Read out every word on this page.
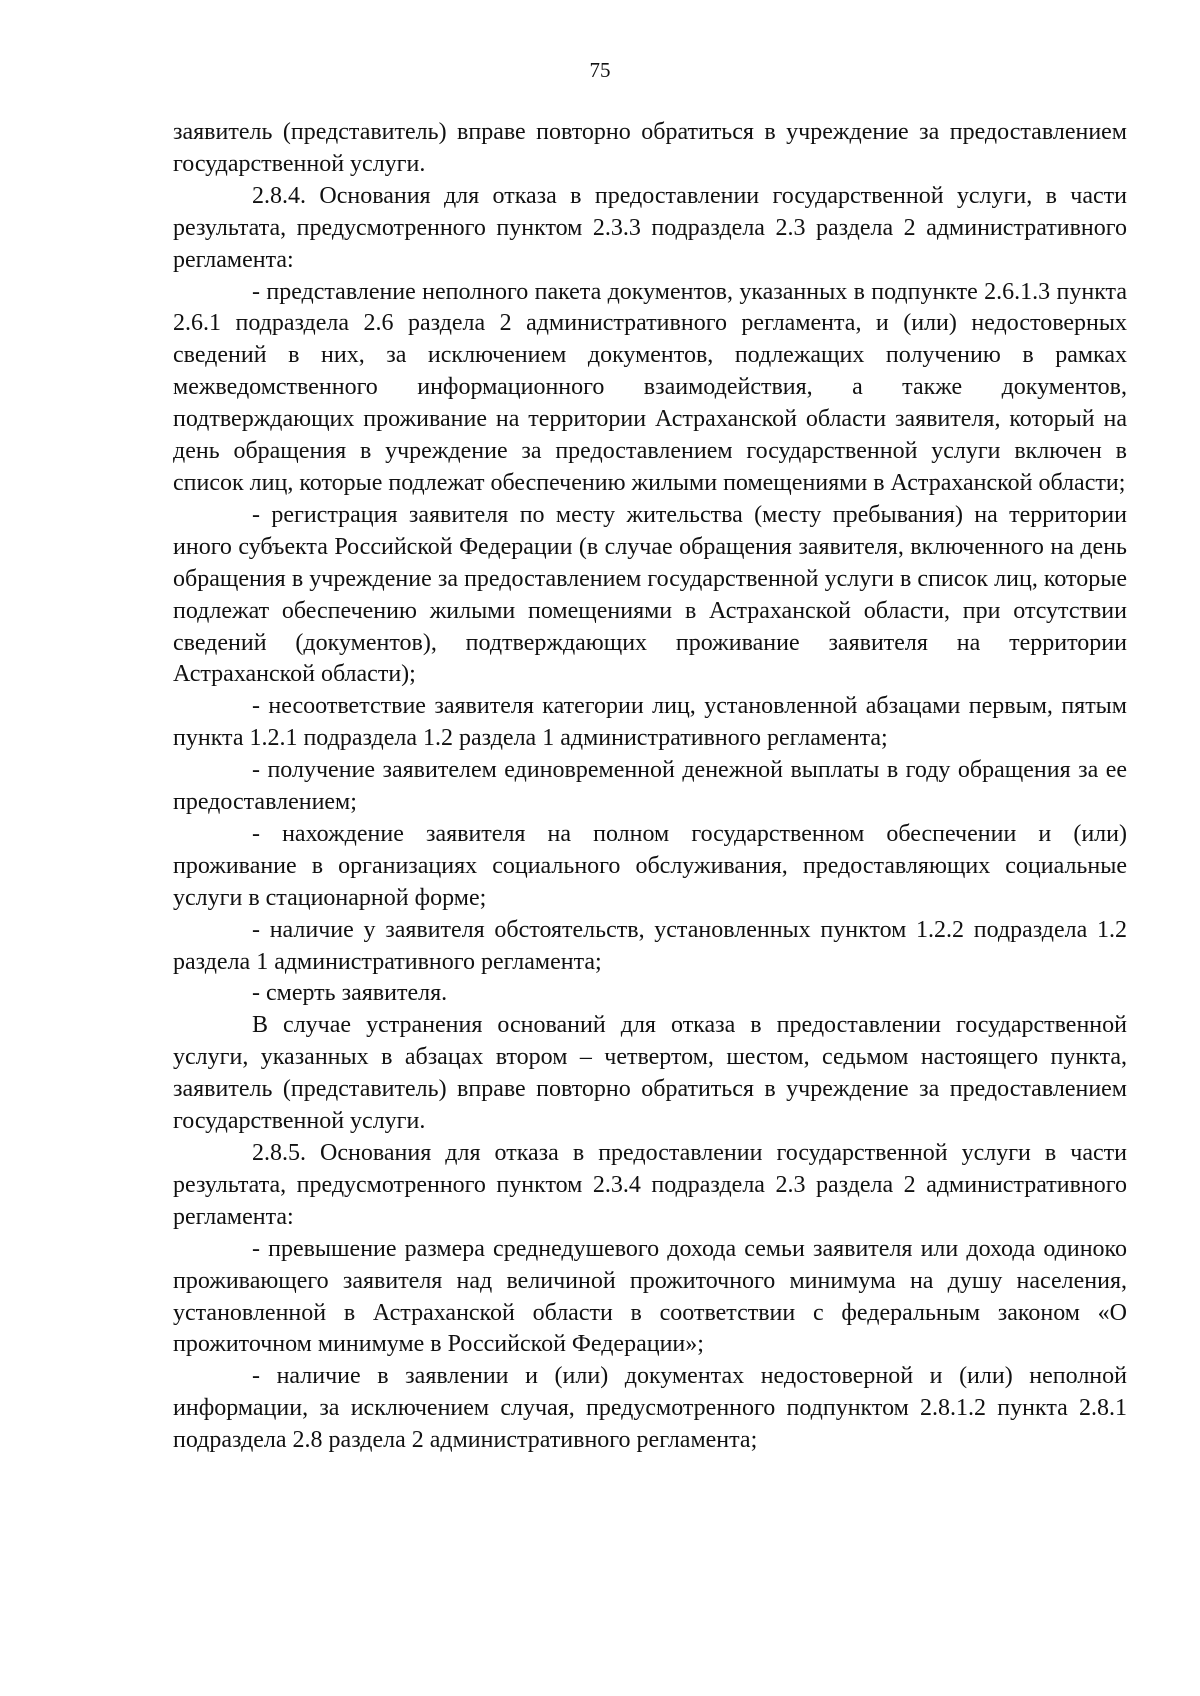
75

заявитель (представитель) вправе повторно обратиться в учреждение за предоставлением государственной услуги.

2.8.4. Основания для отказа в предоставлении государственной услуги, в части результата, предусмотренного пунктом 2.3.3 подраздела 2.3 раздела 2 административного регламента:

- представление неполного пакета документов, указанных в подпункте 2.6.1.3 пункта 2.6.1 подраздела 2.6 раздела 2 административного регламента, и (или) недостоверных сведений в них, за исключением документов, подлежащих получению в рамках межведомственного информационного взаимодействия, а также документов, подтверждающих проживание на территории Астраханской области заявителя, который на день обращения в учреждение за предоставлением государственной услуги включен в список лиц, которые подлежат обеспечению жилыми помещениями в Астраханской области;

- регистрация заявителя по месту жительства (месту пребывания) на территории иного субъекта Российской Федерации (в случае обращения заявителя, включенного на день обращения в учреждение за предоставлением государственной услуги в список лиц, которые подлежат обеспечению жилыми помещениями в Астраханской области, при отсутствии сведений (документов), подтверждающих проживание заявителя на территории Астраханской области);

- несоответствие заявителя категории лиц, установленной абзацами первым, пятым пункта 1.2.1 подраздела 1.2 раздела 1 административного регламента;

- получение заявителем единовременной денежной выплаты в году обращения за ее предоставлением;

- нахождение заявителя на полном государственном обеспечении и (или) проживание в организациях социального обслуживания, предоставляющих социальные услуги в стационарной форме;

- наличие у заявителя обстоятельств, установленных пунктом 1.2.2 подраздела 1.2 раздела 1 административного регламента;

- смерть заявителя.

В случае устранения оснований для отказа в предоставлении государственной услуги, указанных в абзацах втором – четвертом, шестом, седьмом настоящего пункта, заявитель (представитель) вправе повторно обратиться в учреждение за предоставлением государственной услуги.

2.8.5. Основания для отказа в предоставлении государственной услуги в части результата, предусмотренного пунктом 2.3.4 подраздела 2.3 раздела 2 административного регламента:

- превышение размера среднедушевого дохода семьи заявителя или дохода одиноко проживающего заявителя над величиной прожиточного минимума на душу населения, установленной в Астраханской области в соответствии с федеральным законом «О прожиточном минимуме в Российской Федерации»;

- наличие в заявлении и (или) документах недостоверной и (или) неполной информации, за исключением случая, предусмотренного подпунктом 2.8.1.2 пункта 2.8.1 подраздела 2.8 раздела 2 административного регламента;
